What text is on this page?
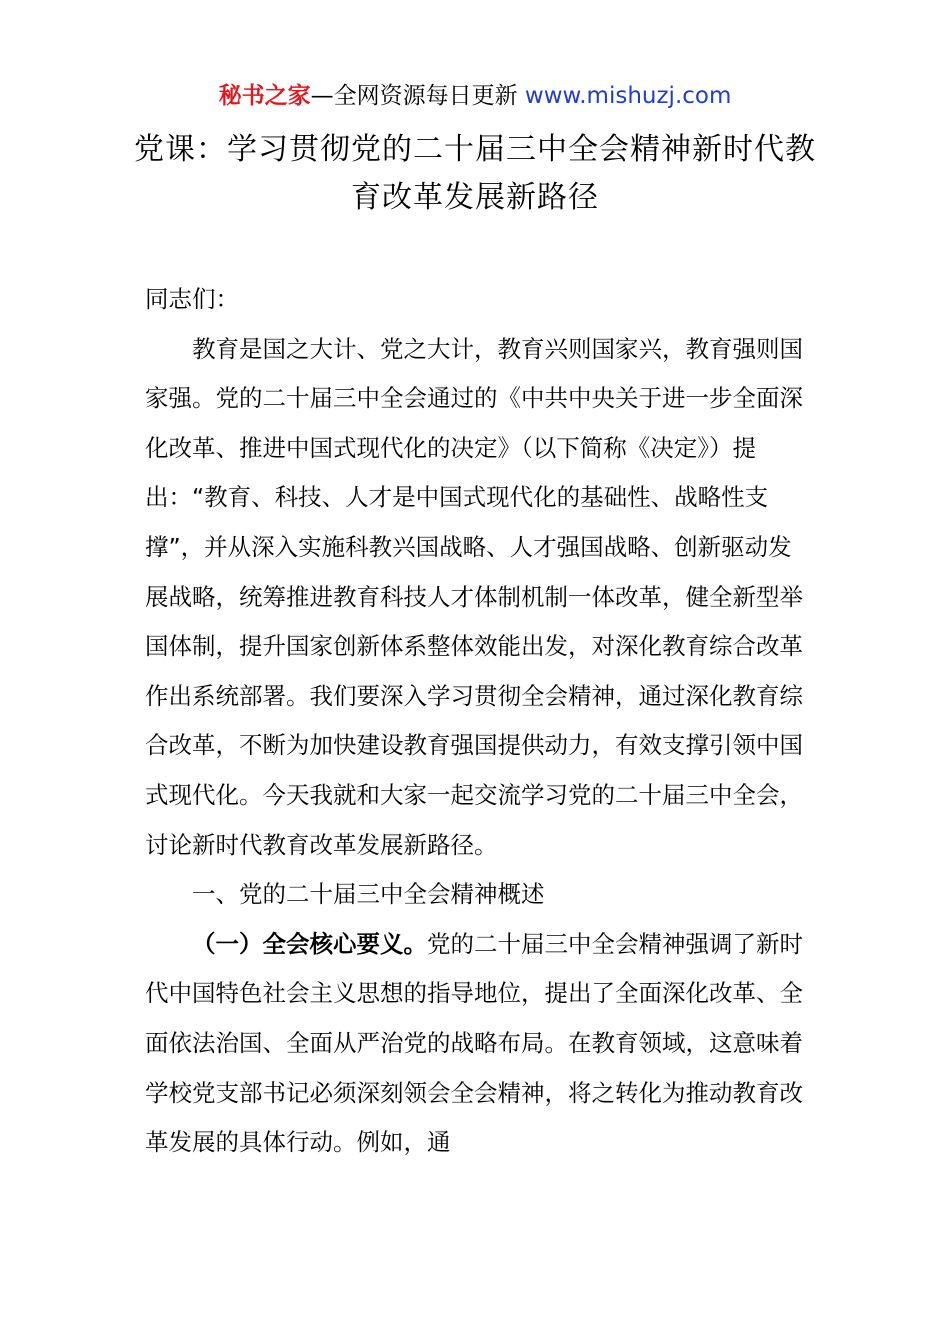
秘书之家—全网资源每日更新 www.mishuzj.com
党课：学习贯彻党的二十届三中全会精神新时代教育改革发展新路径

同志们：

教育是国之大计、党之大计，教育兴则国家兴，教育强则国家强。党的二十届三中全会通过的《中共中央关于进一步全面深化改革、推进中国式现代化的决定》（以下简称《决定》）提出：“教育、科技、人才是中国式现代化的基础性、战略性支撑”，并从深入实施科教兴国战略、人才强国战略、创新驱动发展战略，统筹推进教育科技人才体制机制一体改革，健全新型举国体制，提升国家创新体系整体效能出发，对深化教育综合改革作出系统部署。我们要深入学习贯彻全会精神，通过深化教育综合改革，不断为加快建设教育强国提供动力，有效支撑引领中国式现代化。今天我就和大家一起交流学习党的二十届三中全会，讨论新时代教育改革发展新路径。

一、党的二十届三中全会精神概述

（一）全会核心要义。党的二十届三中全会精神强调了新时代中国特色社会主义思想的指导地位，提出了全面深化改革、全面依法治国、全面从严治党的战略布局。在教育领域，这意味着学校党支部书记必须深刻领会全会精神，将之转化为推动教育改革发展的具体行动。例如，通
